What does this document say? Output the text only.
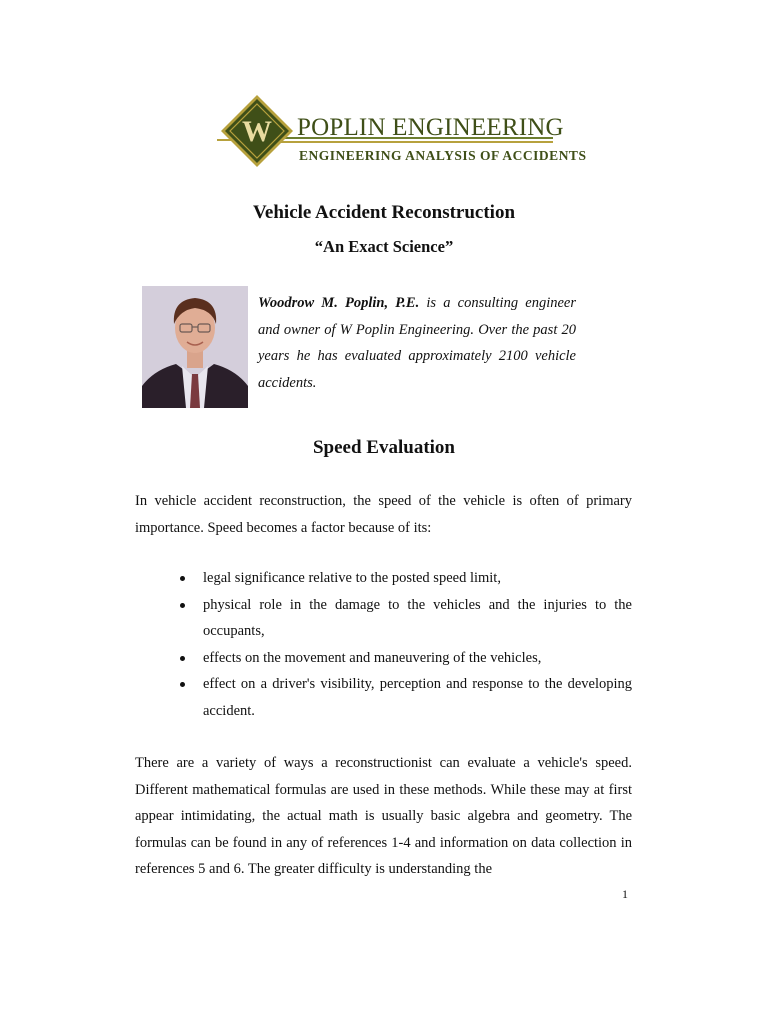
W POPLIN ENGINEERING
ENGINEERING ANALYSIS OF ACCIDENTS
Vehicle Accident Reconstruction
“An Exact Science”
Woodrow M. Poplin, P.E. is a consulting engineer and owner of W Poplin Engineering. Over the past 20 years he has evaluated approximately 2100 vehicle accidents.
Speed Evaluation
In vehicle accident reconstruction, the speed of the vehicle is often of primary importance. Speed becomes a factor because of its:
legal significance relative to the posted speed limit,
physical role in the damage to the vehicles and the injuries to the occupants,
effects on the movement and maneuvering of the vehicles,
effect on a driver's visibility, perception and response to the developing accident.
There are a variety of ways a reconstructionist can evaluate a vehicle's speed. Different mathematical formulas are used in these methods. While these may at first appear intimidating, the actual math is usually basic algebra and geometry. The formulas can be found in any of references 1-4 and information on data collection in references 5 and 6. The greater difficulty is understanding the
1
